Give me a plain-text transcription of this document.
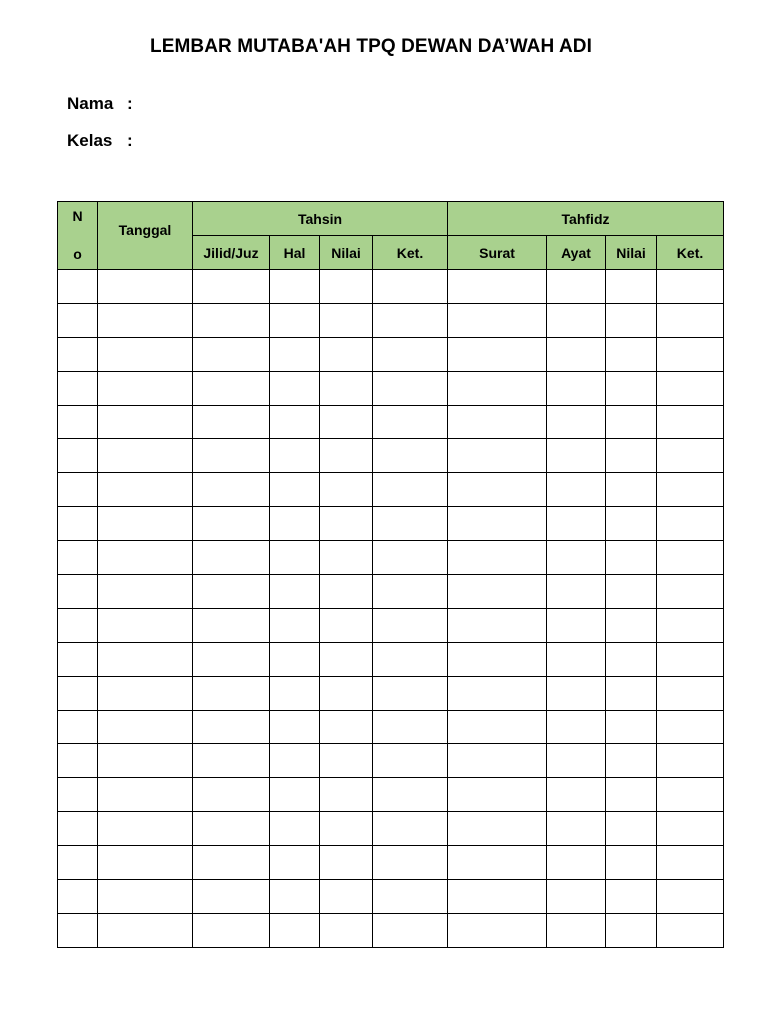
LEMBAR MUTABA'AH TPQ DEWAN DA’WAH ADI
Nama :
Kelas :
N
o	Tanggal	Tahsin				Tahfidz			
		Jilid/Juz	Hal	Nilai	Ket.	Surat	Ayat	Nilai	Ket.
